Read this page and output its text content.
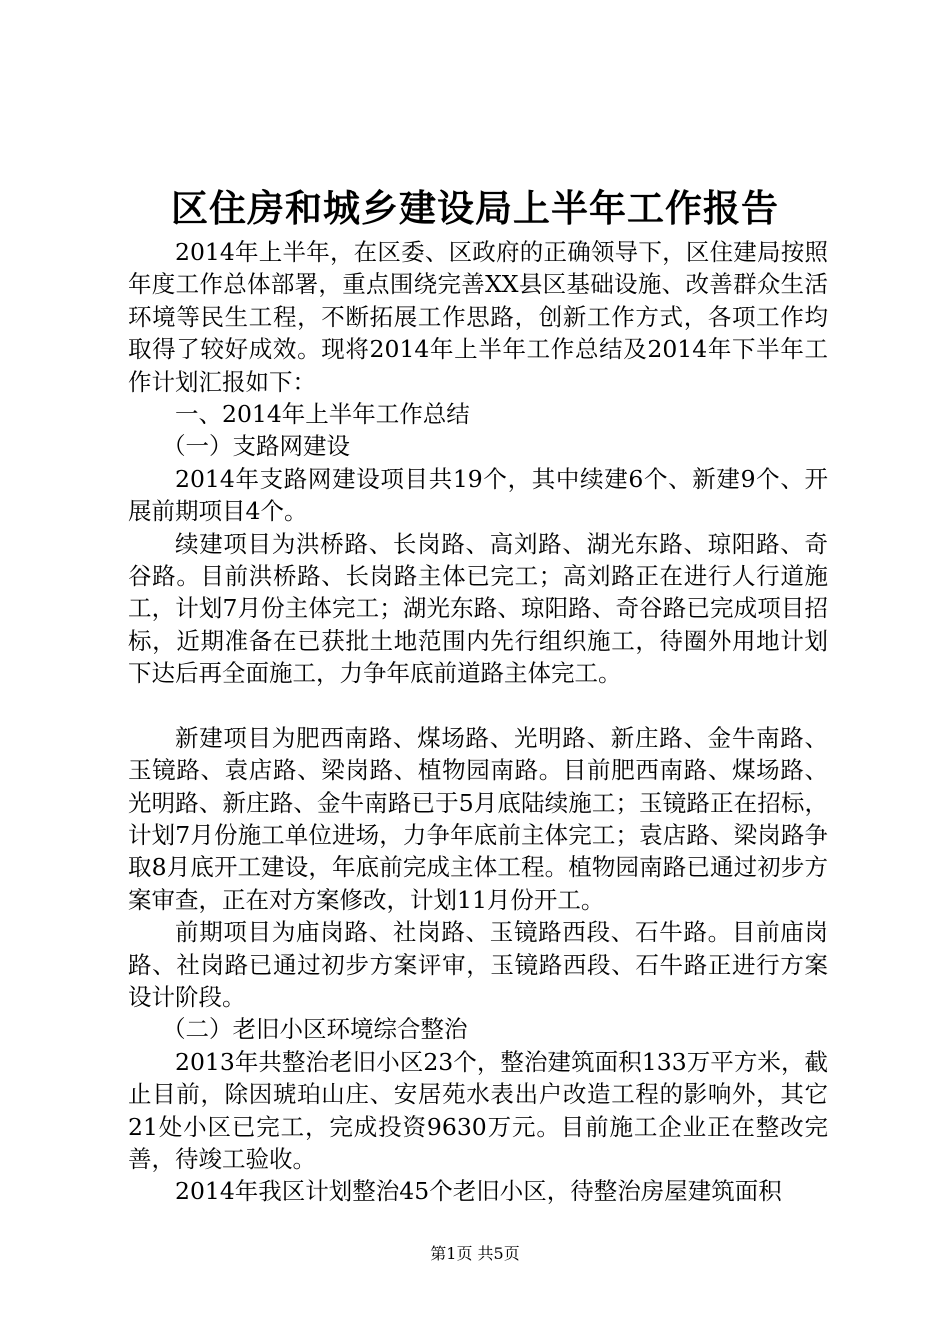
区住房和城乡建设局上半年工作报告

2014年上半年，在区委、区政府的正确领导下，区住建局按照年度工作总体部署，重点围绕完善XX县区基础设施、改善群众生活环境等民生工程，不断拓展工作思路，创新工作方式，各项工作均取得了较好成效。现将2014年上半年工作总结及2014年下半年工作计划汇报如下：

一、2014年上半年工作总结

（一）支路网建设

2014年支路网建设项目共19个，其中续建6个、新建9个、开展前期项目4个。

续建项目为洪桥路、长岗路、高刘路、湖光东路、琼阳路、奇谷路。目前洪桥路、长岗路主体已完工；高刘路正在进行人行道施工，计划7月份主体完工；湖光东路、琼阳路、奇谷路已完成项目招标，近期准备在已获批土地范围内先行组织施工，待圈外用地计划下达后再全面施工，力争年底前道路主体完工。

新建项目为肥西南路、煤场路、光明路、新庄路、金牛南路、玉镜路、袁店路、梁岗路、植物园南路。目前肥西南路、煤场路、光明路、新庄路、金牛南路已于5月底陆续施工；玉镜路正在招标，计划7月份施工单位进场，力争年底前主体完工；袁店路、梁岗路争取8月底开工建设，年底前完成主体工程。植物园南路已通过初步方案审查，正在对方案修改，计划11月份开工。

前期项目为庙岗路、社岗路、玉镜路西段、石牛路。目前庙岗路、社岗路已通过初步方案评审，玉镜路西段、石牛路正进行方案设计阶段。

（二）老旧小区环境综合整治

2013年共整治老旧小区23个，整治建筑面积133万平方米，截止目前，除因琥珀山庄、安居苑水表出户改造工程的影响外，其它21处小区已完工，完成投资9630万元。目前施工企业正在整改完善，待竣工验收。

2014年我区计划整治45个老旧小区，待整治房屋建筑面积

第1页 共5页
